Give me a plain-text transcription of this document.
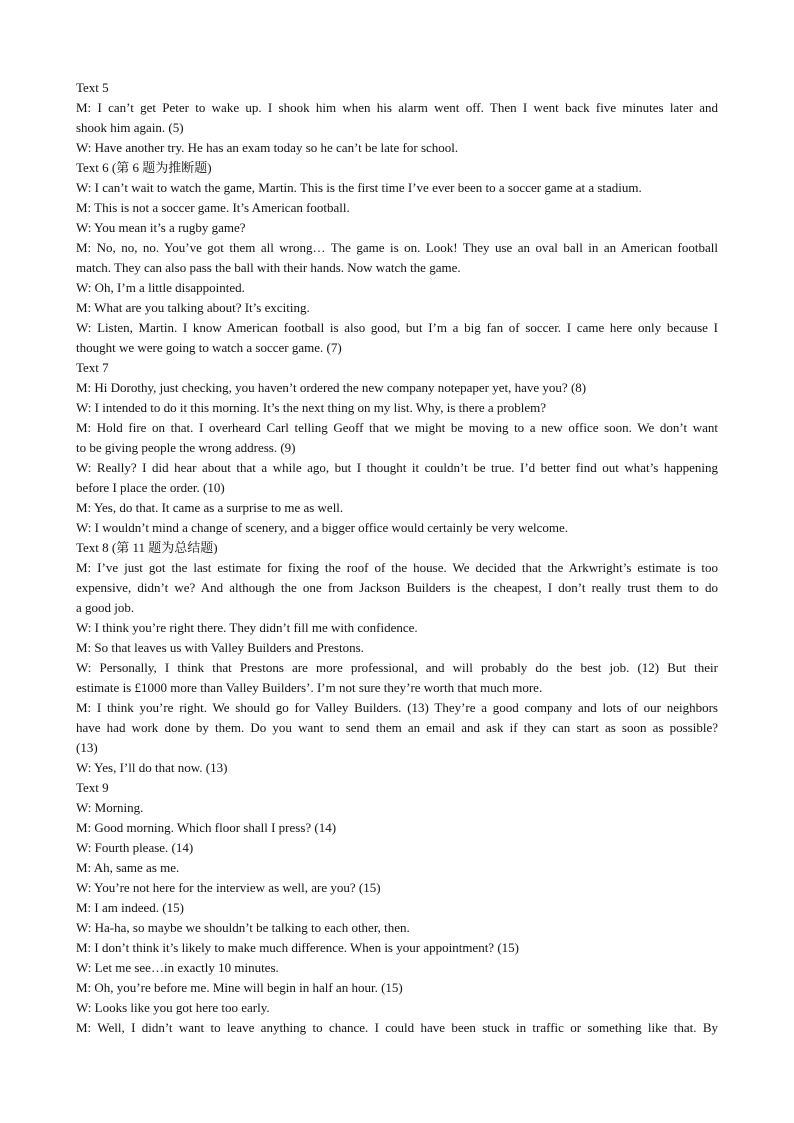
Text 5
M: I can’t get Peter to wake up. I shook him when his alarm went off. Then I went back five minutes later and
shook him again. (5)
W: Have another try. He has an exam today so he can’t be late for school.
Text 6 (第 6 题为推断题)
W: I can’t wait to watch the game, Martin. This is the first time I’ve ever been to a soccer game at a stadium.
M: This is not a soccer game. It’s American football.
W: You mean it’s a rugby game?
M: No, no, no. You’ve got them all wrong… The game is on. Look! They use an oval ball in an American football
match. They can also pass the ball with their hands. Now watch the game.
W: Oh, I’m a little disappointed.
M: What are you talking about? It’s exciting.
W: Listen, Martin. I know American football is also good, but I’m a big fan of soccer. I came here only because I
thought we were going to watch a soccer game. (7)
Text 7
M: Hi Dorothy, just checking, you haven’t ordered the new company notepaper yet, have you? (8)
W: I intended to do it this morning. It’s the next thing on my list. Why, is there a problem?
M: Hold fire on that. I overheard Carl telling Geoff that we might be moving to a new office soon. We don’t want
to be giving people the wrong address. (9)
W: Really? I did hear about that a while ago, but I thought it couldn’t be true. I’d better find out what’s happening
before I place the order. (10)
M: Yes, do that. It came as a surprise to me as well.
W: I wouldn’t mind a change of scenery, and a bigger office would certainly be very welcome.
Text 8 (第 11 题为总结题)
M: I’ve just got the last estimate for fixing the roof of the house. We decided that the Arkwright’s estimate is too
expensive, didn’t we? And although the one from Jackson Builders is the cheapest, I don’t really trust them to do
a good job.
W: I think you’re right there. They didn’t fill me with confidence.
M: So that leaves us with Valley Builders and Prestons.
W: Personally, I think that Prestons are more professional, and will probably do the best job. (12) But their
estimate is £1000 more than Valley Builders’. I’m not sure they’re worth that much more.
M: I think you’re right. We should go for Valley Builders. (13) They’re a good company and lots of our neighbors
have had work done by them. Do you want to send them an email and ask if they can start as soon as possible?
(13)
W: Yes, I’ll do that now. (13)
Text 9
W: Morning.
M: Good morning. Which floor shall I press? (14)
W: Fourth please. (14)
M: Ah, same as me.
W: You’re not here for the interview as well, are you? (15)
M: I am indeed. (15)
W: Ha-ha, so maybe we shouldn’t be talking to each other, then.
M: I don’t think it’s likely to make much difference. When is your appointment? (15)
W: Let me see…in exactly 10 minutes.
M: Oh, you’re before me. Mine will begin in half an hour. (15)
W: Looks like you got here too early.
M: Well, I didn’t want to leave anything to chance. I could have been stuck in traffic or something like that. By
